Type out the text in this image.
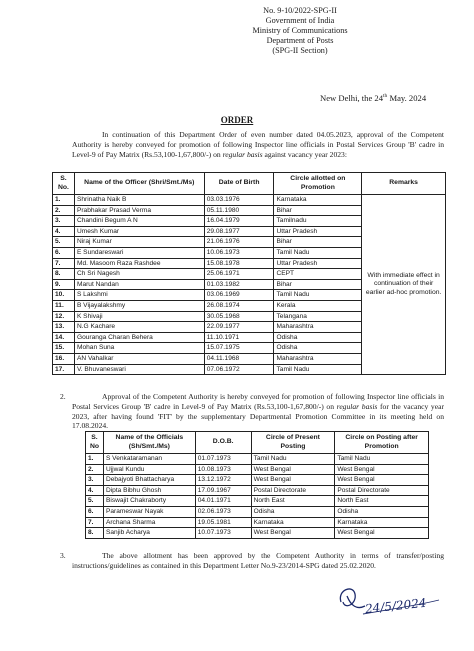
No. 9-10/2022-SPG-II
Government of India
Ministry of Communications
Department of Posts
(SPG-II Section)
New Delhi, the 24th May. 2024
ORDER
In continuation of this Department Order of even number dated 04.05.2023, approval of the Competent Authority is hereby conveyed for promotion of following Inspector line officials in Postal Services Group 'B' cadre in Level-9 of Pay Matrix (Rs.53,100-1,67,800/-) on regular basis against vacancy year 2023:
S. No.	Name of the Officer (Shri/Smt./Ms)	Date of Birth	Circle allotted on Promotion	Remarks
1.	Shrinatha Naik B	03.03.1976	Karnataka	With immediate effect in continuation of their earlier ad-hoc promotion.
2.	Prabhakar Prasad Verma	05.11.1980	Bihar	
3.	Chandini Begum A N	16.04.1979	Tamilnadu	
4.	Umesh Kumar	29.08.1977	Uttar Pradesh	
5.	Niraj Kumar	21.06.1976	Bihar	
6.	E Sundareswari	10.06.1973	Tamil Nadu	
7.	Md. Masoom Raza Rashdee	15.08.1978	Uttar Pradesh	
8.	Ch Sri Nagesh	25.06.1971	CEPT	
9.	Marut Nandan	01.03.1982	Bihar	
10.	S Lakshmi	03.06.1969	Tamil Nadu	
11.	B Vijayalakshmy	26.08.1974	Kerala	
12.	K Shivaji	30.05.1968	Telangana	
13.	N.G Kachare	22.09.1977	Maharashtra	
14.	Gouranga Charan Behera	11.10.1971	Odisha	
15.	Mohan Suna	15.07.1975	Odisha	
16.	AN Vahalkar	04.11.1968	Maharashtra	
17.	V. Bhuvaneswari	07.06.1972	Tamil Nadu	
2.	Approval of the Competent Authority is hereby conveyed for promotion of following Inspector line officials in Postal Services Group 'B' cadre in Level-9 of Pay Matrix (Rs.53,100-1,67,800/-) on regular basis for the vacancy year 2023, after having found 'FIT' by the supplementary Departmental Promotion Committee in its meeting held on 17.08.2024.
S. No	Name of the Officials (Sh/Smt./Ms)	D.O.B.	Circle of Present Posting	Circle on Posting after Promotion
1.	S Venkataramanan	01.07.1973	Tamil Nadu	Tamil Nadu
2.	Ujjwal Kundu	10.08.1973	West Bengal	West Bengal
3.	Debajyoti Bhattacharya	13.12.1972	West Bengal	West Bengal
4.	Dipta Bibhu Ghosh	17.09.1967	Postal Directorate	Postal Directorate
5.	Biswajit Chakraborty	04.01.1971	North East	North East
6.	Parameswar Nayak	02.06.1973	Odisha	Odisha
7.	Archana Sharma	19.05.1981	Karnataka	Karnataka
8.	Sanjib Acharya	10.07.1973	West Bengal	West Bengal
3.	The above allotment has been approved by the Competent Authority in terms of transfer/posting instructions/guidelines as contained in this Department Letter No.9-23/2014-SPG dated 25.02.2020.
24/5/2024
